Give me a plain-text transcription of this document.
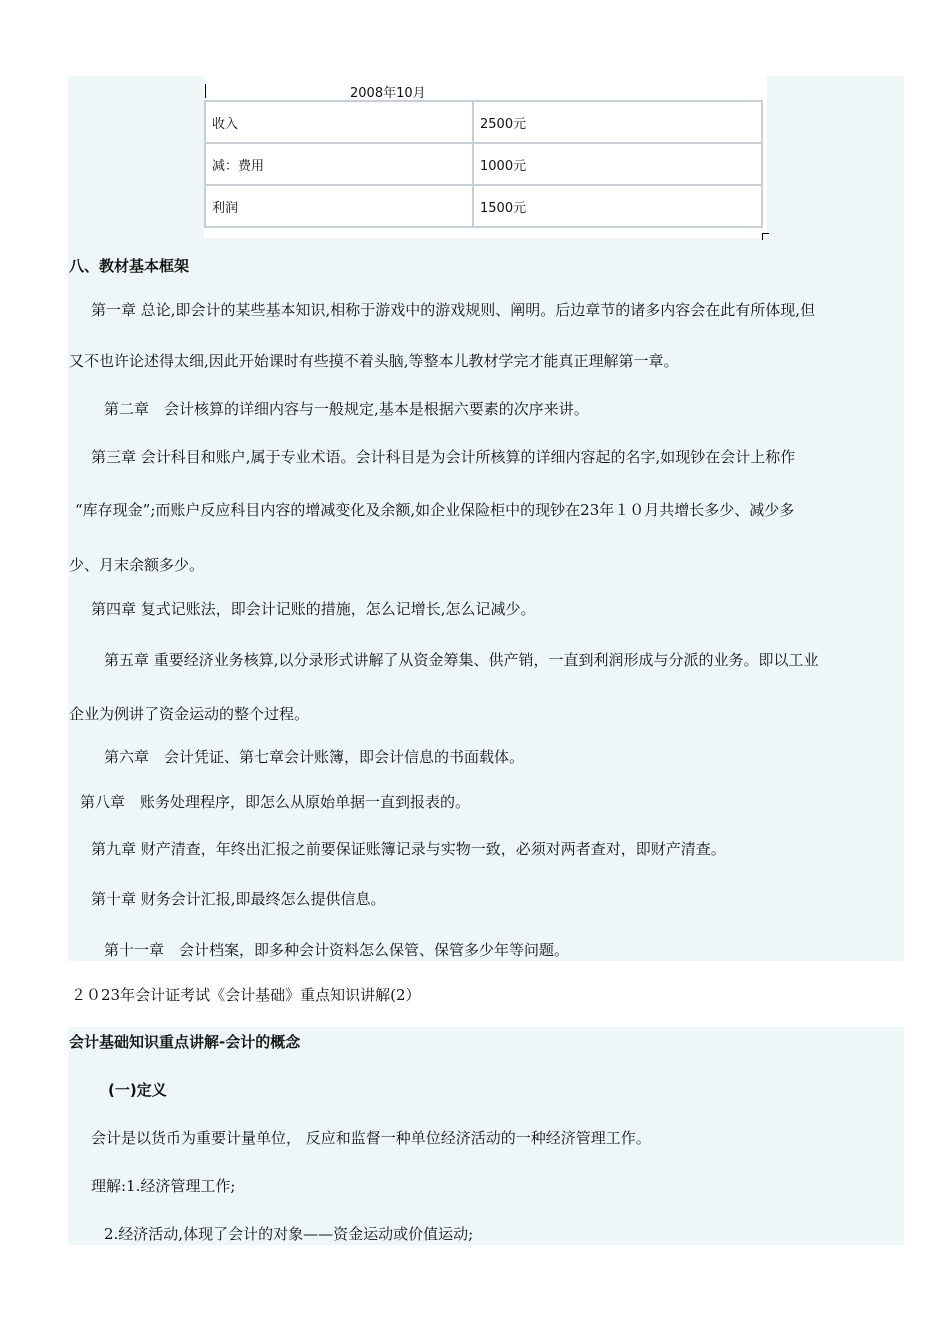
2008年10月
收入	2500元
减：费用	1000元
利润	1500元
八、教材基本框架
第一章 总论,即会计的某些基本知识,相称于游戏中的游戏规则、阐明。后边章节的诸多内容会在此有所体现,但
又不也许论述得太细,因此开始课时有些摸不着头脑,等整本儿教材学完才能真正理解第一章。
第二章　会计核算的详细内容与一般规定,基本是根据六要素的次序来讲。
第三章 会计科目和账户,属于专业术语。会计科目是为会计所核算的详细内容起的名字,如现钞在会计上称作
“库存现金”;而账户反应科目内容的增减变化及余额,如企业保险柜中的现钞在23年１０月共增长多少、减少多
少、月末余额多少。
第四章 复式记账法，即会计记账的措施，怎么记增长,怎么记减少。
第五章 重要经济业务核算,以分录形式讲解了从资金筹集、供产销，一直到利润形成与分派的业务。即以工业
企业为例讲了资金运动的整个过程。
第六章　会计凭证、第七章会计账簿，即会计信息的书面载体。
第八章　账务处理程序，即怎么从原始单据一直到报表的。
第九章 财产清查，年终出汇报之前要保证账簿记录与实物一致，必须对两者查对，即财产清查。
第十章 财务会计汇报,即最终怎么提供信息。
第十一章　会计档案，即多种会计资料怎么保管、保管多少年等问题。
２０23年会计证考试《会计基础》重点知识讲解(2）
会计基础知识重点讲解-会计的概念
(一)定义
会计是以货币为重要计量单位， 反应和监督一种单位经济活动的一种经济管理工作。
理解:1.经济管理工作;
2.经济活动,体现了会计的对象——资金运动或价值运动;
